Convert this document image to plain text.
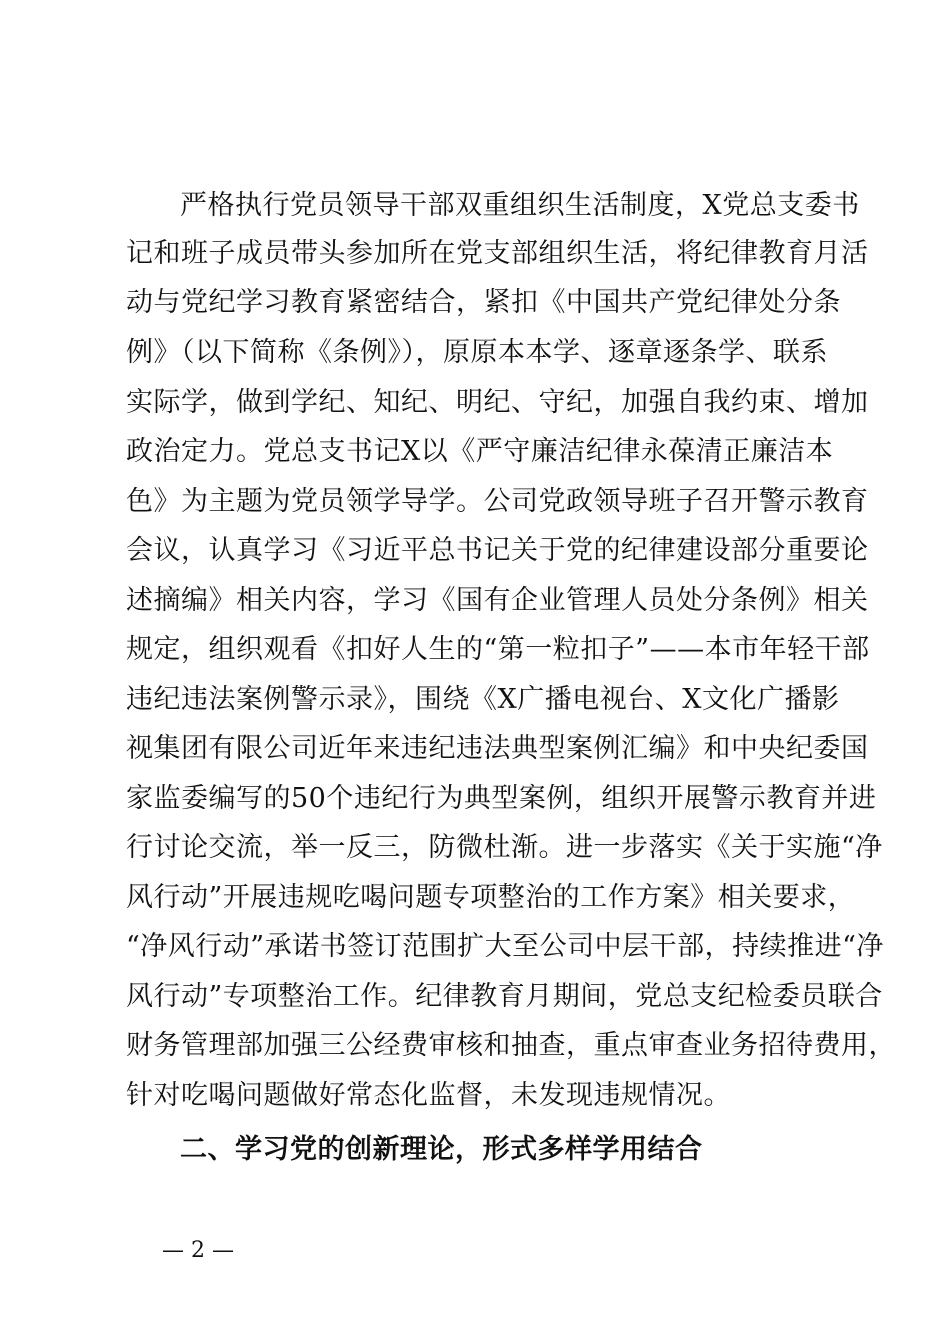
严格执行党员领导干部双重组织生活制度，X党总支委书
记和班子成员带头参加所在党支部组织生活，将纪律教育月活
动与党纪学习教育紧密结合，紧扣《中国共产党纪律处分条
例》（以下简称《条例》），原原本本学、逐章逐条学、联系
实际学，做到学纪、知纪、明纪、守纪，加强自我约束、增加
政治定力。党总支书记X以《严守廉洁纪律永葆清正廉洁本
色》为主题为党员领学导学。公司党政领导班子召开警示教育
会议，认真学习《习近平总书记关于党的纪律建设部分重要论
述摘编》相关内容，学习《国有企业管理人员处分条例》相关
规定，组织观看《扣好人生的“第一粒扣子”——本市年轻干部
违纪违法案例警示录》，围绕《X广播电视台、X文化广播影
视集团有限公司近年来违纪违法典型案例汇编》和中央纪委国
家监委编写的50个违纪行为典型案例，组织开展警示教育并进
行讨论交流，举一反三，防微杜渐。进一步落实《关于实施“净
风行动”开展违规吃喝问题专项整治的工作方案》相关要求，
“净风行动”承诺书签订范围扩大至公司中层干部，持续推进“净
风行动”专项整治工作。纪律教育月期间，党总支纪检委员联合
财务管理部加强三公经费审核和抽查，重点审查业务招待费用，
针对吃喝问题做好常态化监督，未发现违规情况。
二、学习党的创新理论，形式多样学用结合
— 2 —
